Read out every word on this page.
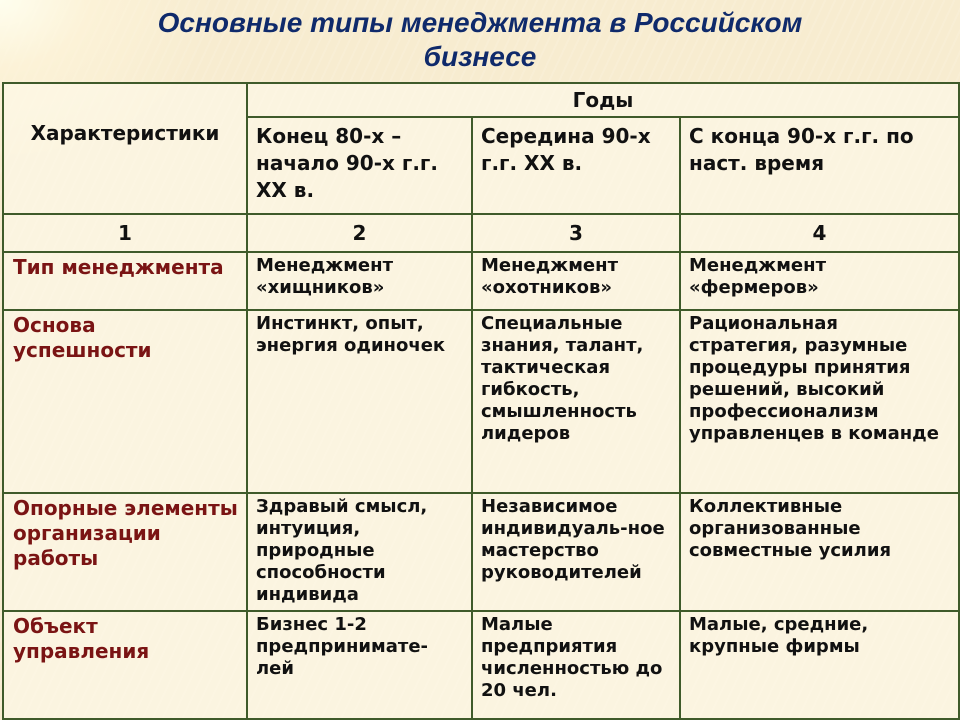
Основные типы менеджмента в Российском
бизнесе
Характеристики	Годы		
	Конец 80-х – начало 90-х г.г. XX в.	Середина 90-х г.г. XX в.	С конца 90-х г.г. по наст. время
1	2	3	4
Тип менеджмента	Менеджмент «хищников»	Менеджмент «охотников»	Менеджмент «фермеров»
Основа успешности	Инстинкт, опыт, энергия одиночек	Специальные знания, талант, тактическая гибкость, смышленность лидеров	Рациональная стратегия, разумные процедуры принятия решений, высокий профессионализм управленцев в команде
Опорные элементы организации работы	Здравый смысл, интуиция, природные способности индивида	Независимое индивидуаль-ное мастерство руководителей	Коллективные организованные совместные усилия
Объект управления	Бизнес 1-2 предпринимате-лей	Малые предприятия численностью до 20 чел.	Малые, средние, крупные фирмы
